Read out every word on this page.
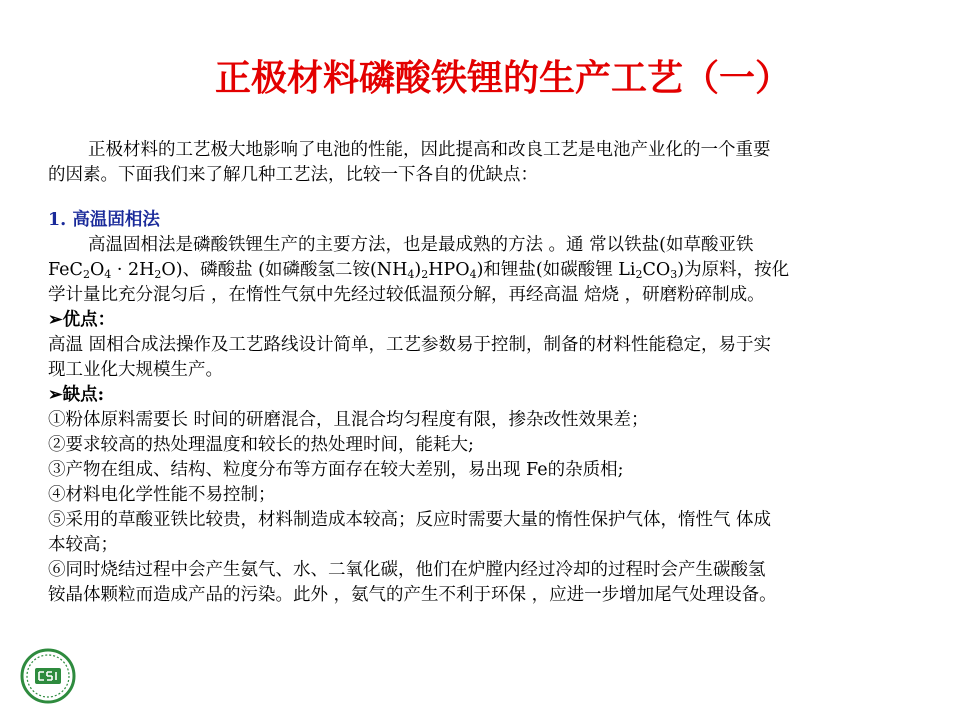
正极材料磷酸铁锂的生产工艺（一）

正极材料的工艺极大地影响了电池的性能，因此提高和改良工艺是电池产业化的一个重要

的因素。下面我们来了解几种工艺法，比较一下各自的优缺点：

1. 高温固相法

高温固相法是磷酸铁锂生产的主要方法，也是最成熟的方法 。通 常以铁盐(如草酸亚铁

$FeC_2O_4 \cdot 2H_2O$)、磷酸盐 (如磷酸氢二铵$(NH_4)_2HPO_4$)和锂盐(如碳酸锂 $Li_2CO_3$)为原料，按化

学计量比充分混匀后 ，在惰性气氛中先经过较低温预分解，再经高温 焙烧 ，研磨粉碎制成。

➢优点：

高温 固相合成法操作及工艺路线设计简单，工艺参数易于控制，制备的材料性能稳定，易于实

现工业化大规模生产。

➢缺点:

①粉体原料需要长 时间的研磨混合，且混合均匀程度有限，掺杂改性效果差；

②要求较高的热处理温度和较长的热处理时间，能耗大;

③产物在组成、结构、粒度分布等方面存在较大差别，易出现 Fe的杂质相;

④材料电化学性能不易控制；

⑤采用的草酸亚铁比较贵，材料制造成本较高；反应时需要大量的惰性保护气体，惰性气 体成

本较高；

⑥同时烧结过程中会产生氨气、水、二氧化碳，他们在炉膛内经过冷却的过程时会产生碳酸氢

铵晶体颗粒而造成产品的污染。此外 ，氨气的产生不利于环保 ，应进一步增加尾气处理设备。
